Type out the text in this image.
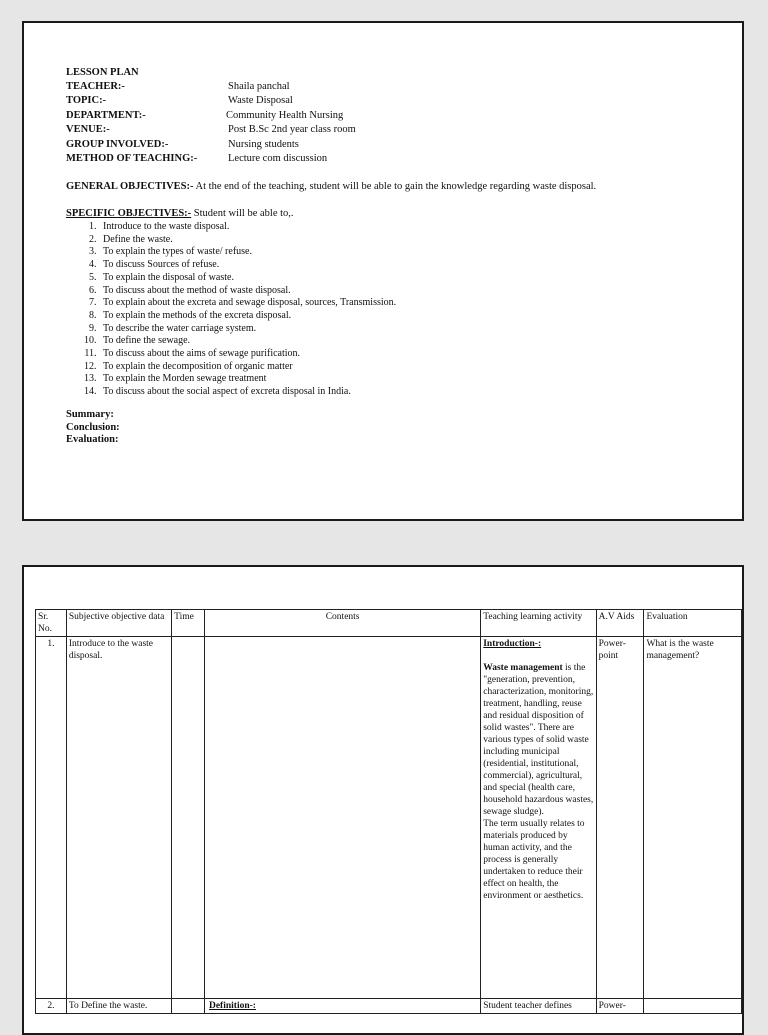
LESSON PLAN
TEACHER:-	Shaila panchal
TOPIC:-	Waste Disposal
DEPARTMENT:-	Community Health Nursing
VENUE:-	Post B.Sc 2nd year class room
GROUP INVOLVED:-	Nursing students
METHOD OF TEACHING:-	Lecture com discussion
GENERAL OBJECTIVES:- At the end of the teaching, student will be able to gain the knowledge regarding waste disposal.
SPECIFIC OBJECTIVES:- Student will be able to,.
1. Introduce to the waste disposal.
2. Define the waste.
3. To explain the types of waste/ refuse.
4. To discuss Sources of refuse.
5. To explain the disposal of waste.
6. To discuss about the method of waste disposal.
7. To explain about the excreta and sewage disposal, sources, Transmission.
8. To explain the methods of the excreta disposal.
9. To describe the water carriage system.
10. To define the sewage.
11. To discuss about the aims of sewage purification.
12. To explain the decomposition of organic matter
13. To explain the Morden sewage treatment
14. To discuss about the social aspect of excreta disposal in India.
Summary:
Conclusion:
Evaluation:
Sr. No.	Subjective objective data	Time	Contents	Teaching learning activity	A.V Aids	Evaluation
1.	Introduce to the waste disposal.			Introduction-:
Waste management is the "generation, prevention, characterization, monitoring, treatment, handling, reuse and residual disposition of solid wastes". There are various types of solid waste including municipal (residential, institutional, commercial), agricultural, and special (health care, household hazardous wastes, sewage sludge).
The term usually relates to materials produced by human activity, and the process is generally undertaken to reduce their effect on health, the environment or aesthetics.	Power-point	What is the waste management?
2.	To Define the waste.		Definition-:	Student teacher defines	Power-	
